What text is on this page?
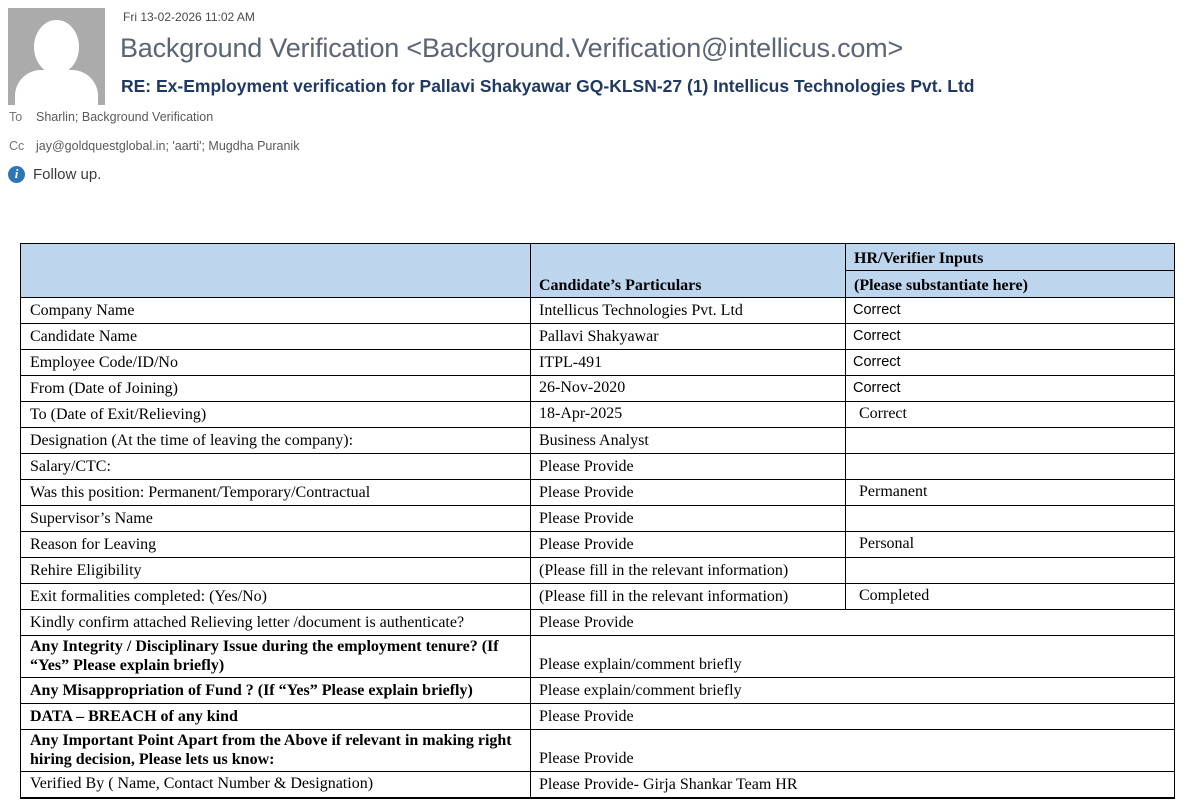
Fri 13-02-2026 11:02 AM
Background Verification <Background.Verification@intellicus.com>
RE: Ex-Employment verification for Pallavi Shakyawar GQ-KLSN-27 (1) Intellicus Technologies Pvt. Ltd
To Sharlin; Background Verification
Cc jay@goldquestglobal.in; 'aarti'; Mugdha Puranik
i Follow up.
	Candidate’s Particulars	HR/Verifier Inputs
		(Please substantiate here)
Company Name	Intellicus Technologies Pvt. Ltd	Correct
Candidate Name	Pallavi Shakyawar	Correct
Employee Code/ID/No	ITPL-491	Correct
From (Date of Joining)	26-Nov-2020	Correct
To (Date of Exit/Relieving)	18-Apr-2025	Correct
Designation (At the time of leaving the company):	Business Analyst	
Salary/CTC:	Please Provide	
Was this position: Permanent/Temporary/Contractual	Please Provide	Permanent
Supervisor’s Name	Please Provide	
Reason for Leaving	Please Provide	Personal
Rehire Eligibility	(Please fill in the relevant information)	
Exit formalities completed: (Yes/No)	(Please fill in the relevant information)	Completed
Kindly confirm attached Relieving letter /document is authenticate?	Please Provide	
Any Integrity / Disciplinary Issue during the employment tenure? (If “Yes” Please explain briefly)	Please explain/comment briefly	
Any Misappropriation of Fund ? (If “Yes” Please explain briefly)	Please explain/comment briefly	
DATA – BREACH of any kind	Please Provide	
Any Important Point Apart from the Above if relevant in making right hiring decision, Please lets us know:	Please Provide	
Verified By ( Name, Contact Number & Designation)	Please Provide- Girja Shankar Team HR	
